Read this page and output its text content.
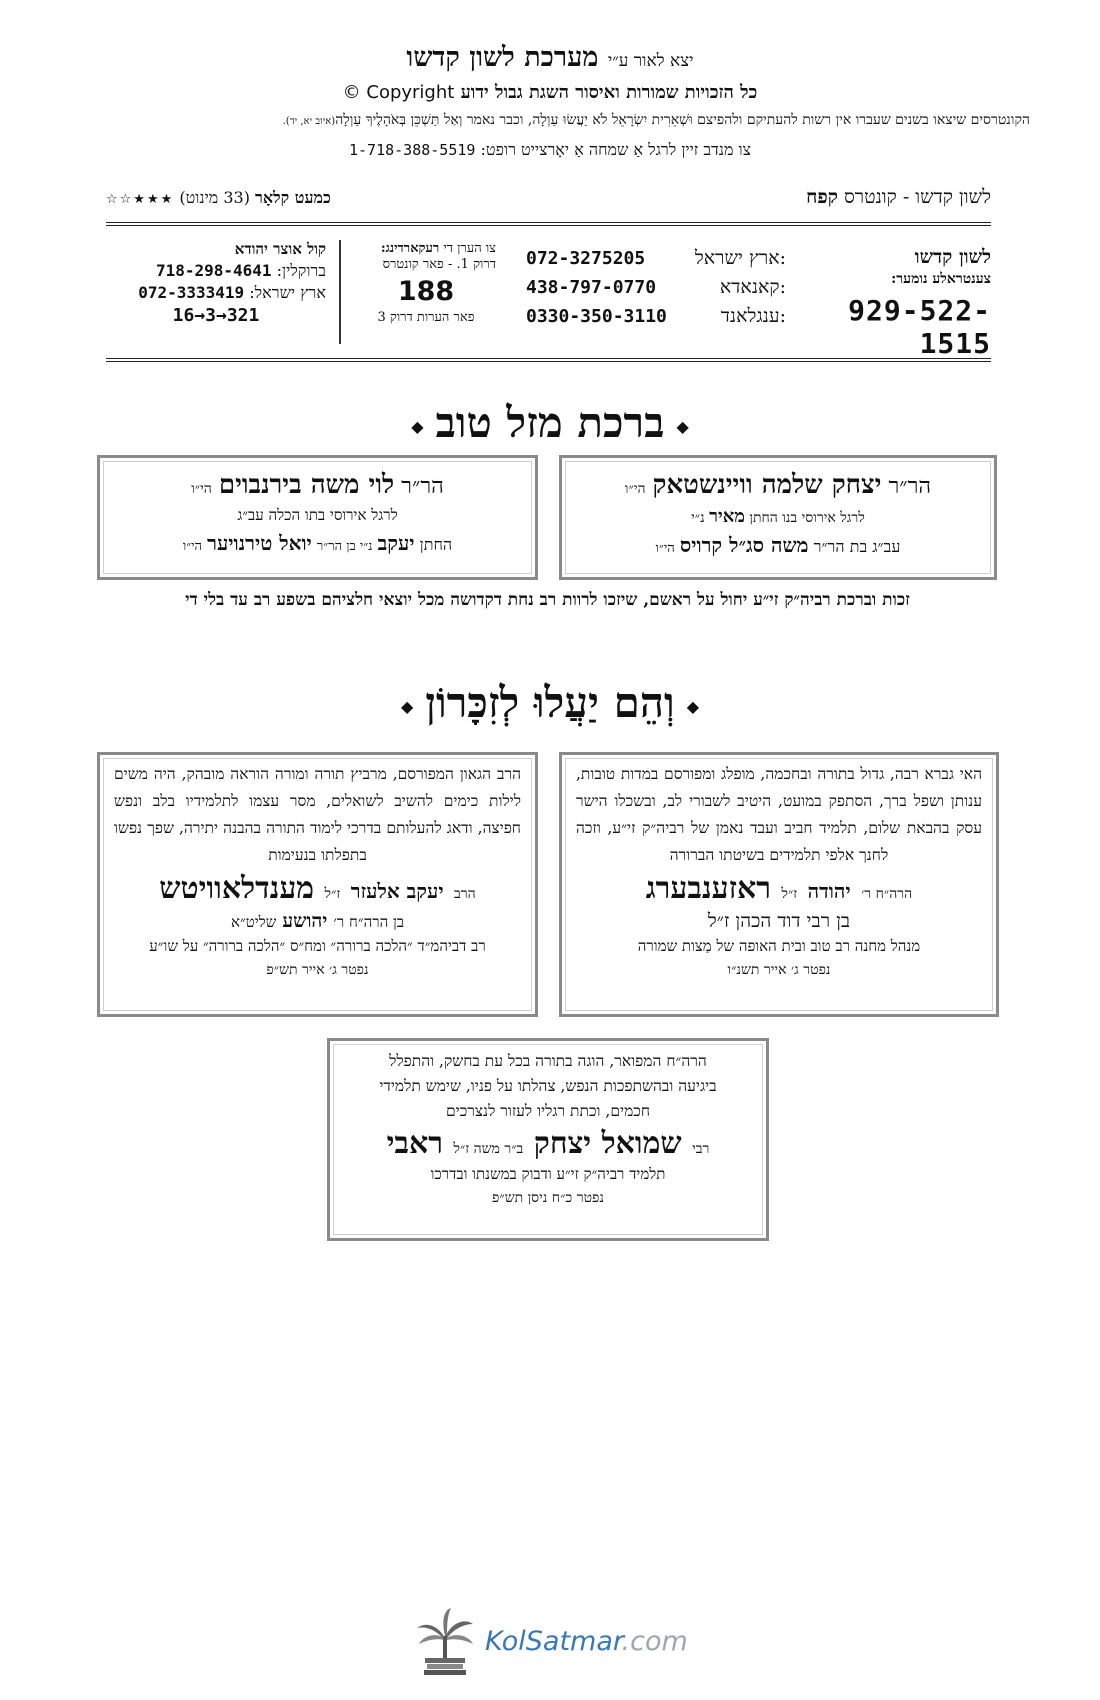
יצא לאור ע״י מערכת לשון קדשו
כל הזכויות שמורות ואיסור השגת גבול ידוע Copyright ©
הקונטרסים שיצאו בשנים שעברו אין רשות להעתיקם ולהפיצם וּשְׁאֵרִית יִשְׂרָאֵל לֹא יַעֲשׂוּ עַוְלָה, וכבר נאמר וְאַל תַּשְׁכֵּן בְּאֹהָלֶיךָ עַוְלָה(איוב יא, יד).
צו מנדב זיין לרגל אַ שמחה אַ יאָרצייט רופט: 1-718-388-5519
לשון קדשו - קונטרס קפח
כמעט קלאָר (33 מינוט) ★★★☆☆
לשון קדשו
צענטראלע נומער:
929-522-1515
ארץ ישראל:
072-3275205
קאנאדא:
438-797-0770
ענגלאנד:
0330-350-3110
צו הערן די רעקארדינג:
דרוק 1. - פאר קונטרס
188
פאר הערות דרוק 3
קול אוצר יהודא
ברוקלין: 718-298-4641
ארץ ישראל: 072-3333419
16→3→321
◆ברכת מזל טוב◆
הר״ר יצחק שלמה וויינשטאק הי״ו
לרגל אירוסי בנו החתן מאיר נ״י
עב״ג בת הר״ר משה סג״ל קרויס הי״ו
הר״ר לוי משה בירנבוים הי״ו
לרגל אירוסי בתו הכלה עב״ג
החתן יעקב נ״י בן הר״ר יואל טירנויער הי״ו
זכות וברכת רביה״ק זי״ע יחול על ראשם, שיזכו לרוות רב נחת דקדושה מכל יוצאי חלציהם בשפע רב עד בלי די
◆וְהֵם יַעֲלוּ לְזִכָּרוֹן◆
האי גברא רבה, גדול בתורה ובחכמה, מופלג ומפורסם במדות טובות, ענותן ושפל ברך, הסתפק במועט, היטיב לשבורי לב, ובשכלו הישר עסק בהבאת שלום, תלמיד חביב ועבד נאמן של רביה״ק זי״ע, וזכה לחנך אלפי תלמידים בשיטתו הברורה
הרה״ח ר׳ יהודה ז״ל ראזענבערג
בן רבי דוד הכהן ז״ל
מנהל מחנה רב טוב ובית האופה של מַצות שמורה
נפטר ג׳ אייר תשנ״ו
הרב הגאון המפורסם, מרביץ תורה ומורה הוראה מובהק, היה משים לילות כימים להשיב לשואלים, מסר עצמו לתלמידיו בלב ונפש חפיצה, ודאג להעלותם בדרכי לימוד התורה בהבנה יתירה, שפך נפשו בתפלתו בנעימות
הרב יעקב אלעזר ז״ל מענדלאוויטש
בן הרה״ח ר׳ יהושע שליט״א
רב דביהמ״ד ״הלכה ברורה״ ומח״ס ״הלכה ברורה״ על שו״ע
נפטר ג׳ אייר תש״פ
הרה״ח המפואר, הוגה בתורה בכל עת בחשק, והתפלל ביגיעה ובהשתפכות הנפש, צהלתו על פניו, שימש תלמידי חכמים, וכתת רגליו לעזור לנצרכים
רבי שמואל יצחק ב״ר משה ז״ל ראבי
תלמיד רביה״ק זי״ע ודבוק במשנתו ובדרכו
נפטר כ״ח ניסן תש״פ
KolSatmar.com
